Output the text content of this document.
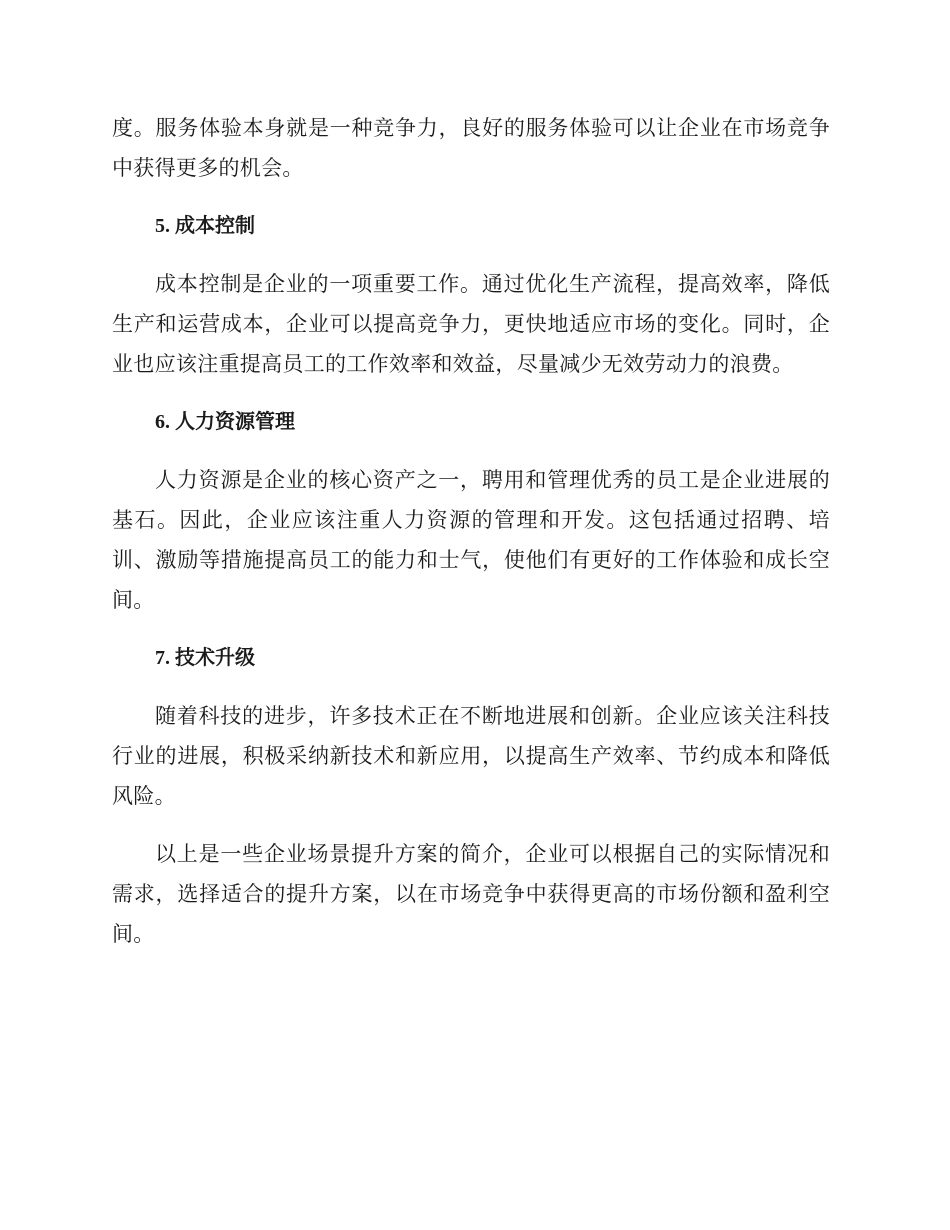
度。服务体验本身就是一种竞争力，良好的服务体验可以让企业在市场竞争中获得更多的机会。

5. 成本控制

成本控制是企业的一项重要工作。通过优化生产流程，提高效率，降低生产和运营成本，企业可以提高竞争力，更快地适应市场的变化。同时，企业也应该注重提高员工的工作效率和效益，尽量减少无效劳动力的浪费。

6. 人力资源管理

人力资源是企业的核心资产之一，聘用和管理优秀的员工是企业进展的基石。因此，企业应该注重人力资源的管理和开发。这包括通过招聘、培训、激励等措施提高员工的能力和士气，使他们有更好的工作体验和成长空间。

7. 技术升级

随着科技的进步，许多技术正在不断地进展和创新。企业应该关注科技行业的进展，积极采纳新技术和新应用，以提高生产效率、节约成本和降低风险。

以上是一些企业场景提升方案的简介，企业可以根据自己的实际情况和需求，选择适合的提升方案，以在市场竞争中获得更高的市场份额和盈利空间。
